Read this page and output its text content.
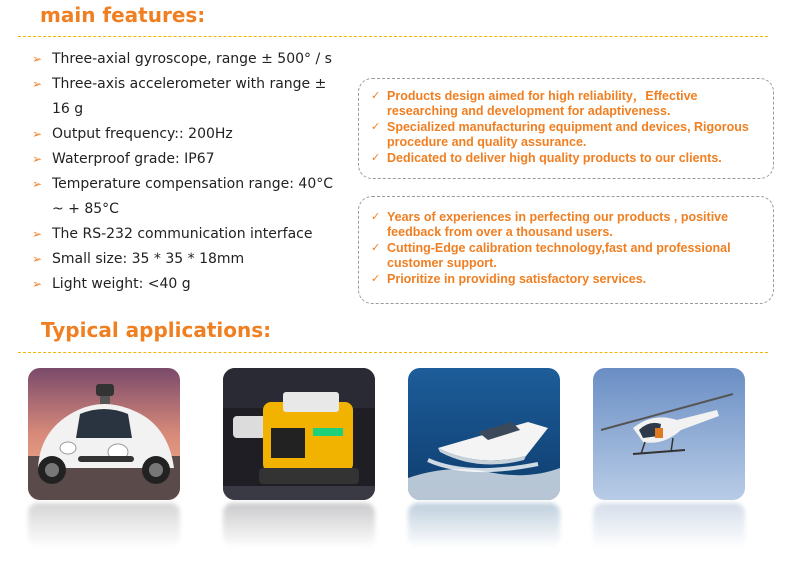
main features:
➢ Three-axial gyroscope, range ± 500° / s
➢ Three-axis accelerometer with range ± 16 g
➢ Output frequency:: 200Hz
➢ Waterproof grade: IP67
➢ Temperature compensation range: 40°C ~ + 85°C
➢ The RS-232 communication interface
➢ Small size: 35 * 35 * 18mm
➢ Light weight: <40 g
✓ Products design aimed for high reliability，Effective researching and development for adaptiveness.
✓ Specialized manufacturing equipment and devices, Rigorous procedure and quality assurance.
✓ Dedicated to deliver high quality products to our clients.
✓ Years of experiences in perfecting our products , positive feedback from over a thousand users.
✓ Cutting-Edge calibration technology,fast and professional customer support.
✓ Prioritize in providing satisfactory services.
Typical applications:
